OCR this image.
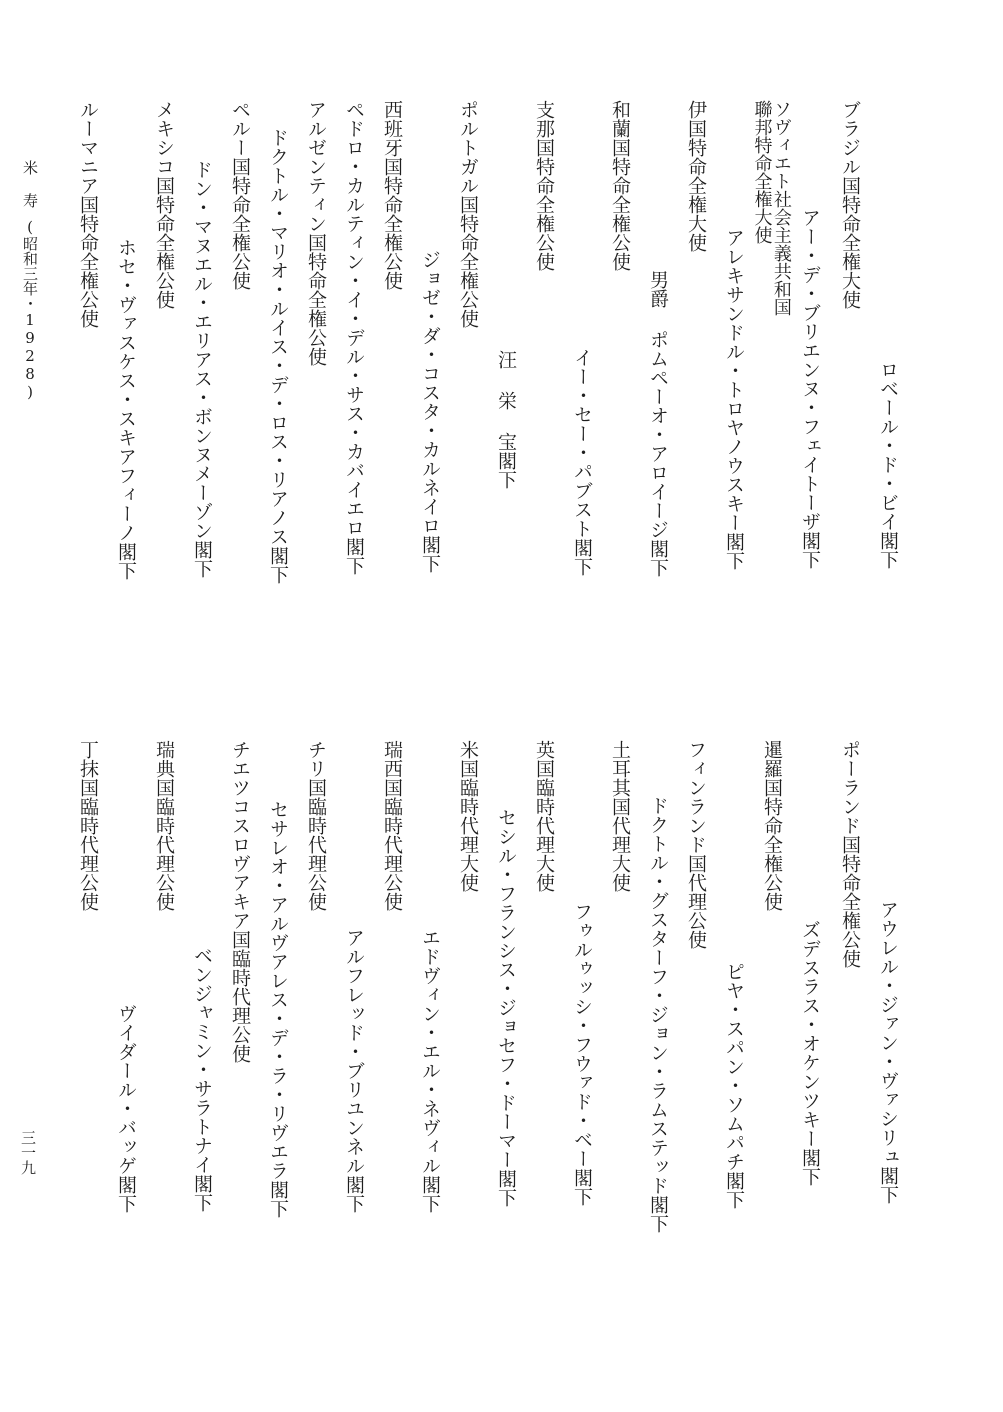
ブラジル国特命全権大使
ロベール・ド・ビイ閣下
アー・デ・ブリエンヌ・フェイトーザ閣下
ソヴィエト社会主義共和国
聯邦特命全権大使
アレキサンドル・トロヤノウスキー閣下
伊国特命全権大使
男爵 ポムペーオ・アロイージ閣下
和蘭国特命全権公使
イー・セー・パブスト閣下
支那国特命全権公使
汪 栄 宝閣下
ポルトガル国特命全権公使
ジョゼ・ダ・コスタ・カルネイロ閣下
西班牙国特命全権公使
ペドロ・カルティン・イ・デル・サス・カバイエロ閣下
アルゼンティン国特命全権公使
ドクトル・マリオ・ルイス・デ・ロス・リアノス閣下
ペルー国特命全権公使
ドン・マヌエル・エリアス・ボンヌメーゾン閣下
メキシコ国特命全権公使
ホセ・ヴァスケス・スキアフィーノ閣下
ルーマニア国特命全権公使
米 寿
(昭和三年・1928)
アウレル・ジァン・ヴァシリュ閣下
ポーランド国特命全権公使
ズデスラス・オケンツキー閣下
暹羅国特命全権公使
ピヤ・スパン・ソムパチ閣下
フィンランド国代理公使
ドクトル・グスターフ・ジョン・ラムステッド閣下
土耳其国代理大使
フゥルゥッシ・フウァド・ベー閣下
英国臨時代理大使
セシル・フランシス・ジョセフ・ドーマー閣下
米国臨時代理大使
エドヴィン・エル・ネヴィル閣下
瑞西国臨時代理公使
アルフレッド・ブリユンネル閣下
チリ国臨時代理公使
セサレオ・アルヴアレス・デ・ラ・リヴエラ閣下
チエツコスロヴアキア国臨時代理公使
ベンジャミン・サラトナイ閣下
瑞典国臨時代理公使
ヴイダール・バッゲ閣下
丁抹国臨時代理公使
三一九
